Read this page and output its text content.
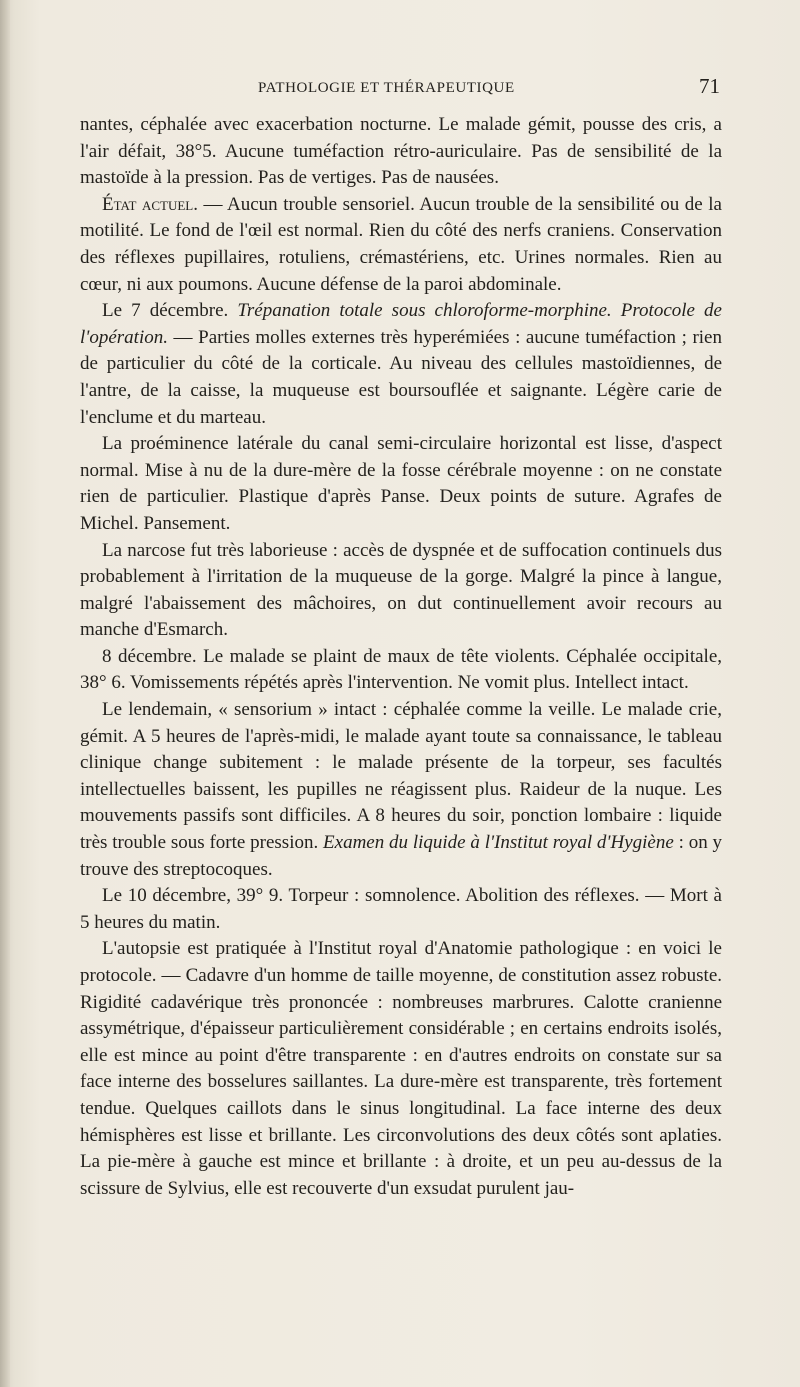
PATHOLOGIE ET THÉRAPEUTIQUE	71

nantes, céphalée avec exacerbation nocturne. Le malade gémit, pousse des cris, a l'air défait, 38°5. Aucune tuméfaction rétro-auriculaire. Pas de sensibilité de la mastoïde à la pression. Pas de vertiges. Pas de nausées.

État actuel. — Aucun trouble sensoriel. Aucun trouble de la sensibilité ou de la motilité. Le fond de l'œil est normal. Rien du côté des nerfs craniens. Conservation des réflexes pupillaires, rotuliens, crémastériens, etc. Urines normales. Rien au cœur, ni aux poumons. Aucune défense de la paroi abdominale.

Le 7 décembre. Trépanation totale sous chloroforme-morphine. Protocole de l'opération. — Parties molles externes très hyperémiées : aucune tuméfaction ; rien de particulier du côté de la corticale. Au niveau des cellules mastoïdiennes, de l'antre, de la caisse, la muqueuse est boursouflée et saignante. Légère carie de l'enclume et du marteau.

La proéminence latérale du canal semi-circulaire horizontal est lisse, d'aspect normal. Mise à nu de la dure-mère de la fosse cérébrale moyenne : on ne constate rien de particulier. Plastique d'après Panse. Deux points de suture. Agrafes de Michel. Pansement.

La narcose fut très laborieuse : accès de dyspnée et de suffocation continuels dus probablement à l'irritation de la muqueuse de la gorge. Malgré la pince à langue, malgré l'abaissement des mâchoires, on dut continuellement avoir recours au manche d'Esmarch.

8 décembre. Le malade se plaint de maux de tête violents. Céphalée occipitale, 38° 6. Vomissements répétés après l'intervention. Ne vomit plus. Intellect intact.

Le lendemain, « sensorium » intact : céphalée comme la veille. Le malade crie, gémit. A 5 heures de l'après-midi, le malade ayant toute sa connaissance, le tableau clinique change subitement : le malade présente de la torpeur, ses facultés intellectuelles baissent, les pupilles ne réagissent plus. Raideur de la nuque. Les mouvements passifs sont difficiles. A 8 heures du soir, ponction lombaire : liquide très trouble sous forte pression. Examen du liquide à l'Institut royal d'Hygiène : on y trouve des streptocoques.

Le 10 décembre, 39° 9. Torpeur : somnolence. Abolition des réflexes. — Mort à 5 heures du matin.

L'autopsie est pratiquée à l'Institut royal d'Anatomie pathologique : en voici le protocole. — Cadavre d'un homme de taille moyenne, de constitution assez robuste. Rigidité cadavérique très prononcée : nombreuses marbrures. Calotte cranienne assymétrique, d'épaisseur particulièrement considérable ; en certains endroits isolés, elle est mince au point d'être transparente : en d'autres endroits on constate sur sa face interne des bosselures saillantes. La dure-mère est transparente, très fortement tendue. Quelques caillots dans le sinus longitudinal. La face interne des deux hémisphères est lisse et brillante. Les circonvolutions des deux côtés sont aplaties. La pie-mère à gauche est mince et brillante : à droite, et un peu au-dessus de la scissure de Sylvius, elle est recouverte d'un exsudat purulent jau-
